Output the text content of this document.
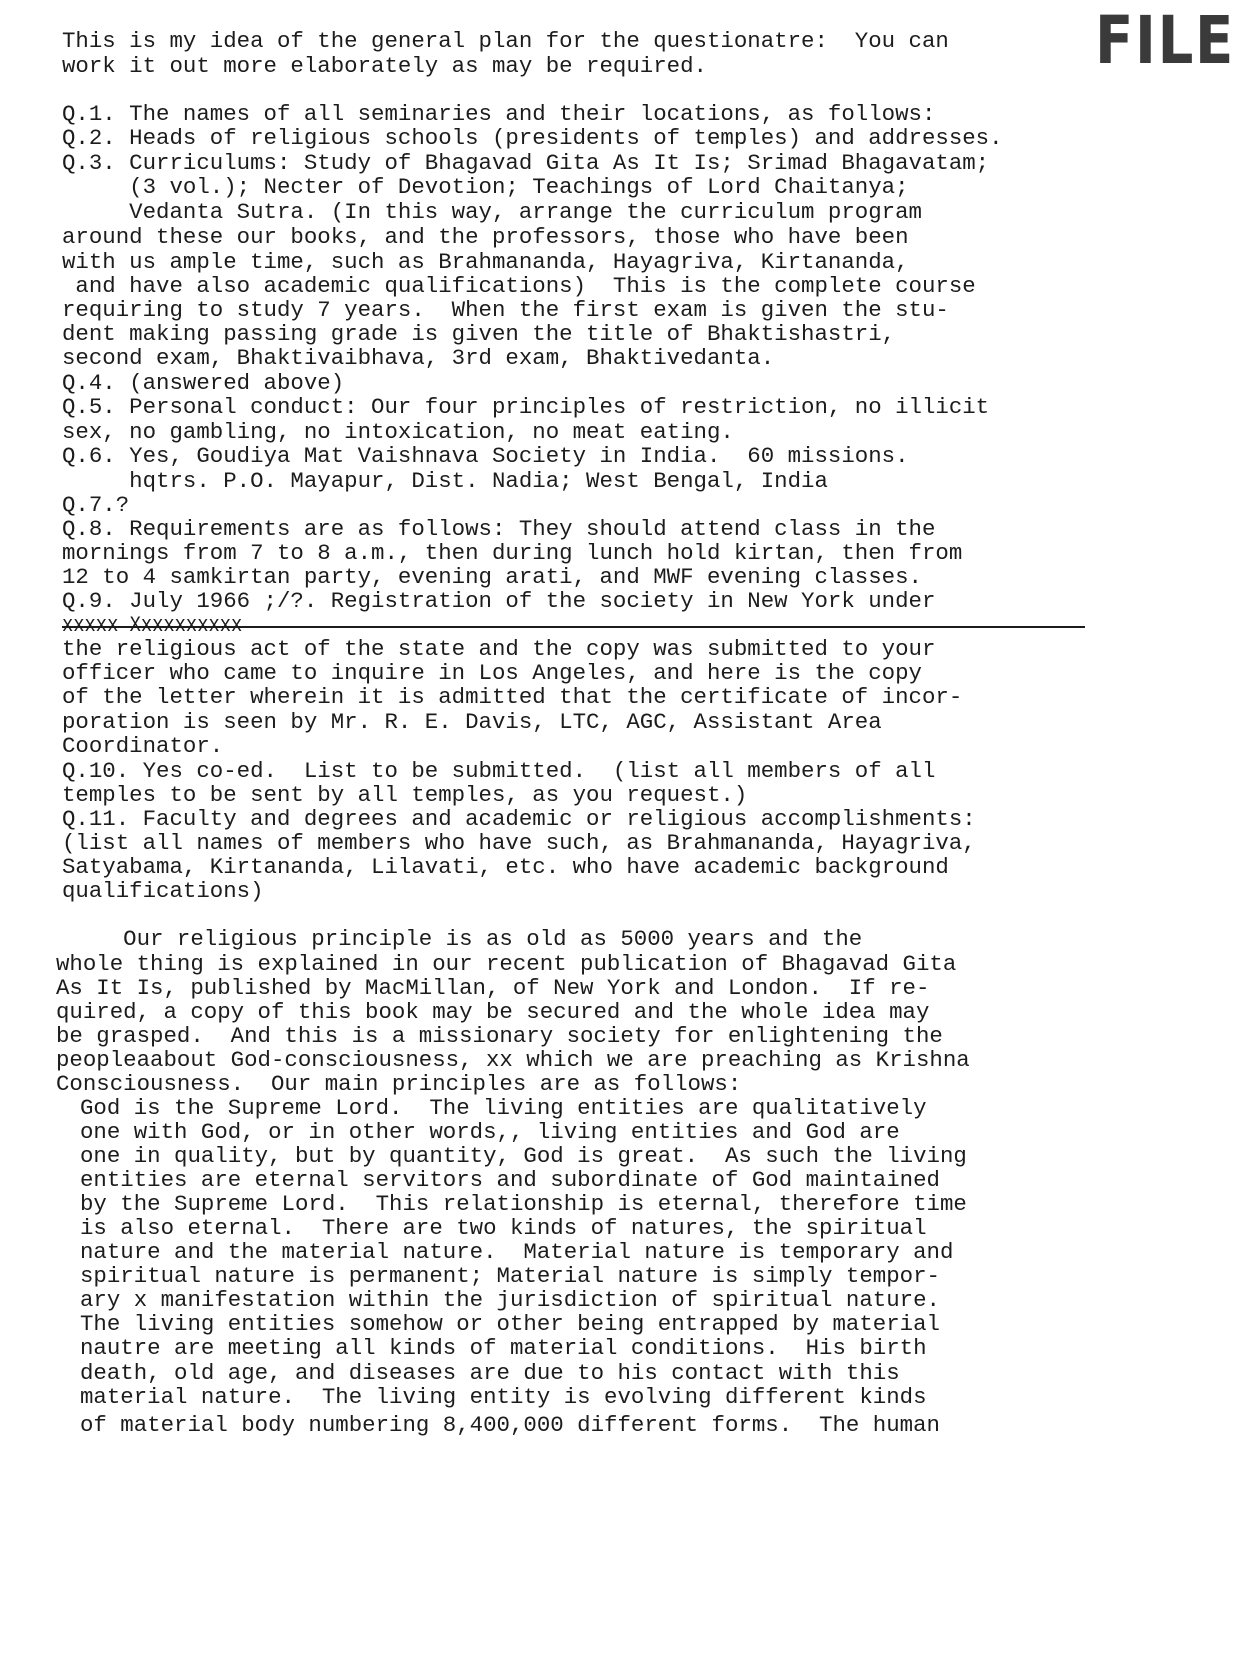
FILE
This is my idea of the general plan for the questionatre:  You can
work it out more elaborately as may be required.
Q.1. The names of all seminaries and their locations, as follows:
Q.2. Heads of religious schools (presidents of temples) and addresses.
Q.3. Curriculums: Study of Bhagavad Gita As It Is; Srimad Bhagavatam;
(3 vol.); Necter of Devotion; Teachings of Lord Chaitanya;
Vedanta Sutra. (In this way, arrange the curriculum program
around these our books, and the professors, those who have been
with us ample time, such as Brahmananda, Hayagriva, Kirtananda,
and have also academic qualifications)  This is the complete course
requiring to study 7 years.  When the first exam is given the stu-
dent making passing grade is given the title of Bhaktishastri,
second exam, Bhaktivaibhava, 3rd exam, Bhaktivedanta.
Q.4. (answered above)
Q.5. Personal conduct: Our four principles of restriction, no illicit
sex, no gambling, no intoxication, no meat eating.
Q.6. Yes, Goudiya Mat Vaishnava Society in India.  60 missions.
hqtrs. P.O. Mayapur, Dist. Nadia; West Bengal, India
Q.7.?
Q.8. Requirements are as follows: They should attend class in the
mornings from 7 to 8 a.m., then during lunch hold kirtan, then from
12 to 4 samkirtan party, evening arati, and MWF evening classes.
Q.9. July 1966 ;/?. Registration of the society in New York under
xxxxx Xxxxxxxxxx
the religious act of the state and the copy was submitted to your
officer who came to inquire in Los Angeles, and here is the copy
of the letter wherein it is admitted that the certificate of incor-
poration is seen by Mr. R. E. Davis, LTC, AGC, Assistant Area
Coordinator.
Q.10. Yes co-ed.  List to be submitted.  (list all members of all
temples to be sent by all temples, as you request.)
Q.11. Faculty and degrees and academic or religious accomplishments:
(list all names of members who have such, as Brahmananda, Hayagriva,
Satyabama, Kirtananda, Lilavati, etc. who have academic background
qualifications)
Our religious principle is as old as 5000 years and the
whole thing is explained in our recent publication of Bhagavad Gita
As It Is, published by MacMillan, of New York and London.  If re-
quired, a copy of this book may be secured and the whole idea may
be grasped.  And this is a missionary society for enlightening the
peopleaabout God-consciousness, xx which we are preaching as Krishna
Consciousness.  Our main principles are as follows:
God is the Supreme Lord.  The living entities are qualitatively
one with God, or in other words,, living entities and God are
one in quality, but by quantity, God is great.  As such the living
entities are eternal servitors and subordinate of God maintained
by the Supreme Lord.  This relationship is eternal, therefore time
is also eternal.  There are two kinds of natures, the spiritual
nature and the material nature.  Material nature is temporary and
spiritual nature is permanent; Material nature is simply tempor-
ary x manifestation within the jurisdiction of spiritual nature.
The living entities somehow or other being entrapped by material
nautre are meeting all kinds of material conditions.  His birth
death, old age, and diseases are due to his contact with this
material nature.  The living entity is evolving different kinds
of material body numbering 8,400,000 different forms.  The human
